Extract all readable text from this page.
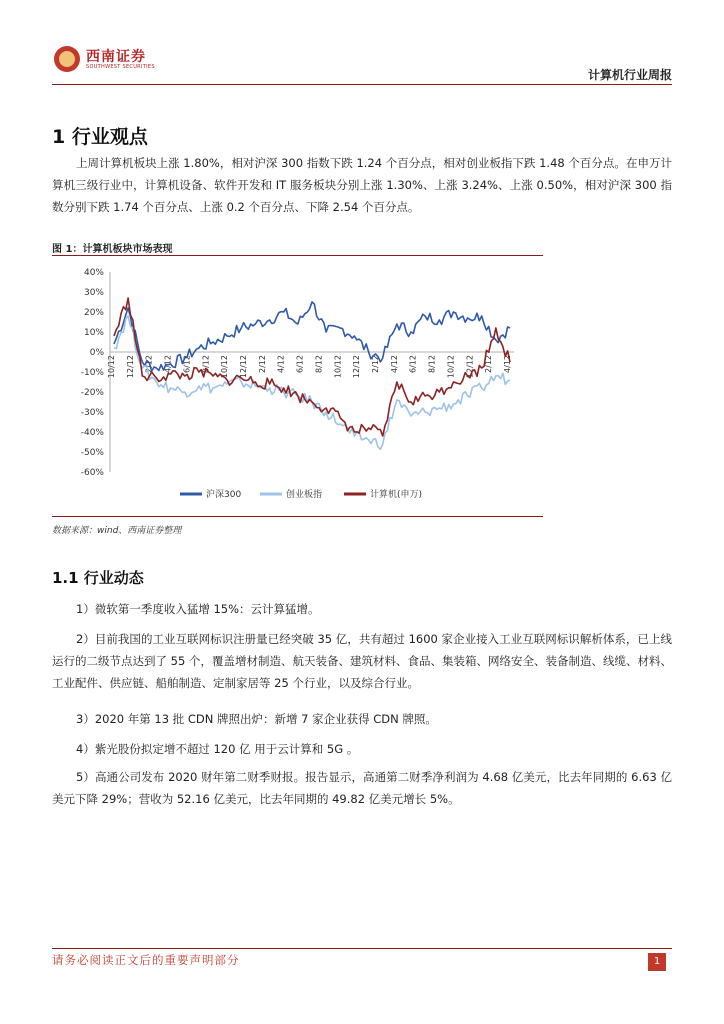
西南证券
SOUTHWEST SECURITIES
计算机行业周报
1 行业观点
上周计算机板块上涨 1.80%，相对沪深 300 指数下跌 1.24 个百分点，相对创业板指下跌 1.48 个百分点。在申万计算机三级行业中，计算机设备、软件开发和 IT 服务板块分别上涨 1.30%、上涨 3.24%、上涨 0.50%，相对沪深 300 指数分别下跌 1.74 个百分点、上涨 0.2 个百分点、下降 2.54 个百分点。
图 1：计算机板块市场表现
40%
30%
20%
10%
0%
-10%
-20%
-30%
-40%
-50%
-60%
10/12 12/12 2/12 4/12 6/12 8/12 10/12 12/12 2/12 4/12 6/12 8/12 10/12 12/12 2/12 4/12 6/12 8/12 10/12 12/12 2/12 4/12
沪深300	创业板指	计算机(申万)
数据来源：wind、西南证券整理
1.1 行业动态
1）微软第一季度收入猛增 15%：云计算猛增。
2）目前我国的工业互联网标识注册量已经突破 35 亿，共有超过 1600 家企业接入工业互联网标识解析体系，已上线运行的二级节点达到了 55 个，覆盖增材制造、航天装备、建筑材料、食品、集装箱、网络安全、装备制造、线缆、材料、工业配件、供应链、船舶制造、定制家居等 25 个行业，以及综合行业。
3）2020 年第 13 批 CDN 牌照出炉：新增 7 家企业获得 CDN 牌照。
4）紫光股份拟定增不超过 120 亿 用于云计算和 5G 。
5）高通公司发布 2020 财年第二财季财报。报告显示，高通第二财季净利润为 4.68 亿美元，比去年同期的 6.63 亿美元下降 29%；营收为 52.16 亿美元，比去年同期的 49.82 亿美元增长 5%。
请务必阅读正文后的重要声明部分	1
